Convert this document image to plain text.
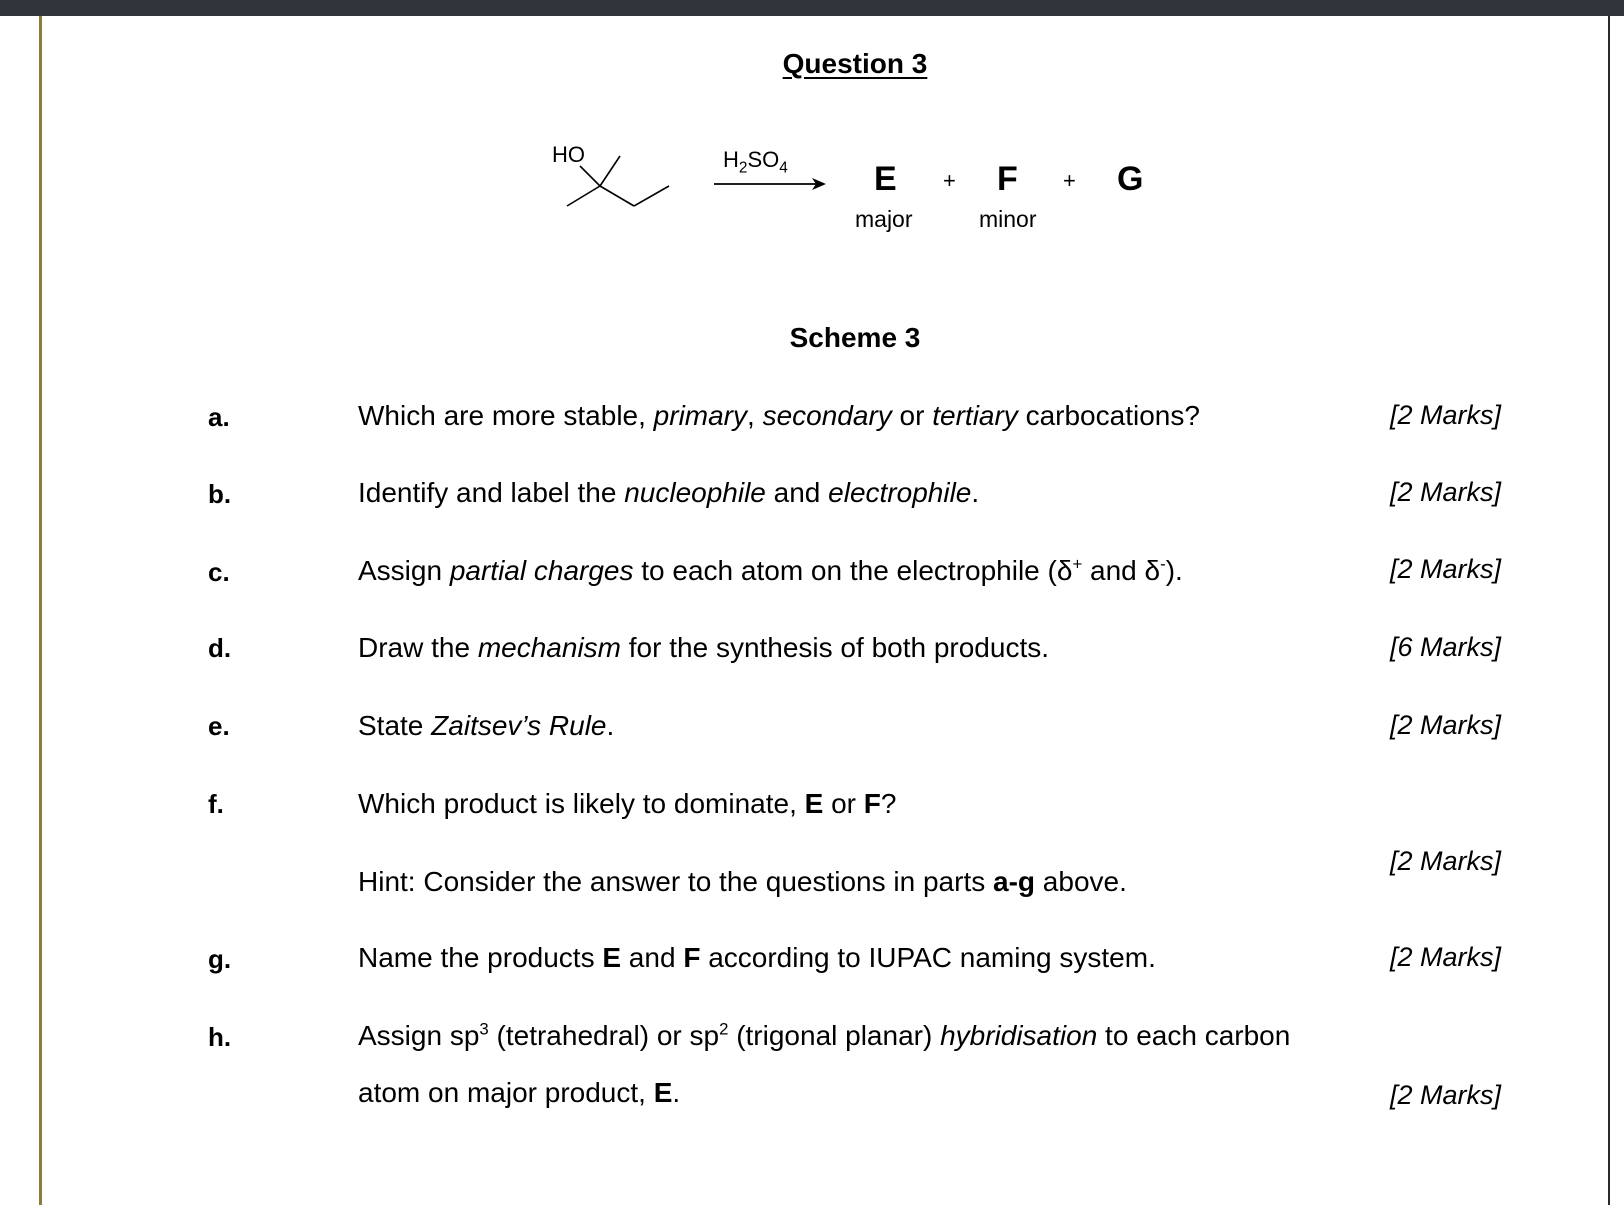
Question 3
HO	$H_2SO_4$	E + F + G
major	minor
Scheme 3
a.	Which are more stable, primary, secondary or tertiary carbocations?	[2 Marks]
b.	Identify and label the nucleophile and electrophile.	[2 Marks]
c.	Assign partial charges to each atom on the electrophile (δ+ and δ-).	[2 Marks]
d.	Draw the mechanism for the synthesis of both products.	[6 Marks]
e.	State Zaitsev’s Rule.	[2 Marks]
f.	Which product is likely to dominate, E or F?
Hint: Consider the answer to the questions in parts a-g above.
[2 Marks]
g.	Name the products E and F according to IUPAC naming system.	[2 Marks]
h.	Assign $sp^3$ (tetrahedral) or $sp^2$ (trigonal planar) hybridisation to each carbon
atom on major product, E.	[2 Marks]
